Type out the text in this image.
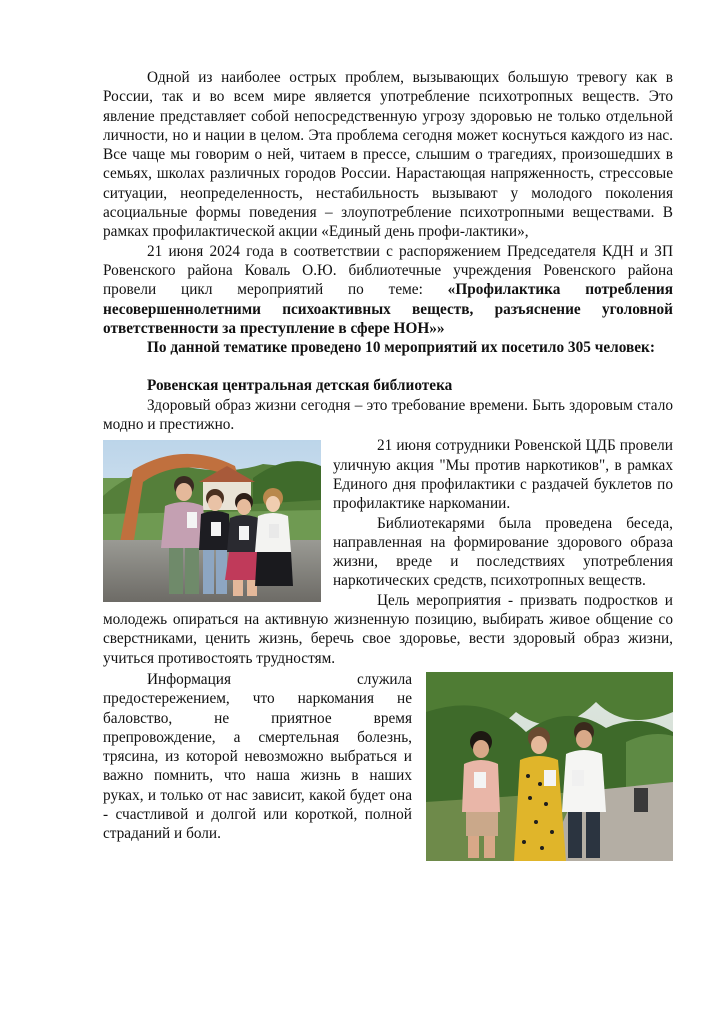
Одной из наиболее острых проблем, вызывающих большую тревогу как в России, так и во всем мире является употребление психотропных веществ. Это явление представляет собой непосредственную угрозу здоровью не только отдельной личности, но и нации в целом. Эта проблема сегодня может коснуться каждого из нас. Все чаще мы говорим о ней, читаем в прессе, слышим о трагедиях, произошедших в семьях, школах различных городов России. Нарастающая напряженность, стрессовые ситуации, неопределенность, нестабильность вызывают у молодого поколения асоциальные формы поведения – злоупотребление психотропными веществами. В рамках профилактической акции «Единый день профи-лактики»,

21 июня 2024 года в соответствии с распоряжением Председателя КДН и ЗП Ровенского района Коваль О.Ю. библиотечные учреждения Ровенского района провели цикл мероприятий по теме: «Профилактика потребления несовершеннолетними психоактивных веществ, разъяснение уголовной ответственности за преступление в сфере НОН»»

По данной тематике проведено 10 мероприятий их посетило 305 человек:

Ровенская центральная детская библиотека

Здоровый образ жизни сегодня – это требование времени. Быть здоровым стало модно и престижно.

21 июня сотрудники Ровенской ЦДБ провели уличную акция "Мы против наркотиков", в рамках Единого дня профилактики с раздачей буклетов по профилактике наркомании.

Библиотекарями была проведена беседа, направленная на формирование здорового образа жизни, вреде и последствиях употребления наркотических средств, психотропных веществ.

Цель мероприятия - призвать подростков и молодежь опираться на активную жизненную позицию, выбирать живое общение со сверстниками, ценить жизнь, беречь свое здоровье, вести здоровый образ жизни, учиться противостоять трудностям.

Информация служила предостережением, что наркомания не баловство, не приятное время препровождение, а смертельная болезнь, трясина, из которой невозможно выбраться и важно помнить, что наша жизнь в наших руках, и только от нас зависит, какой будет она - счастливой и долгой или короткой, полной страданий и боли.
